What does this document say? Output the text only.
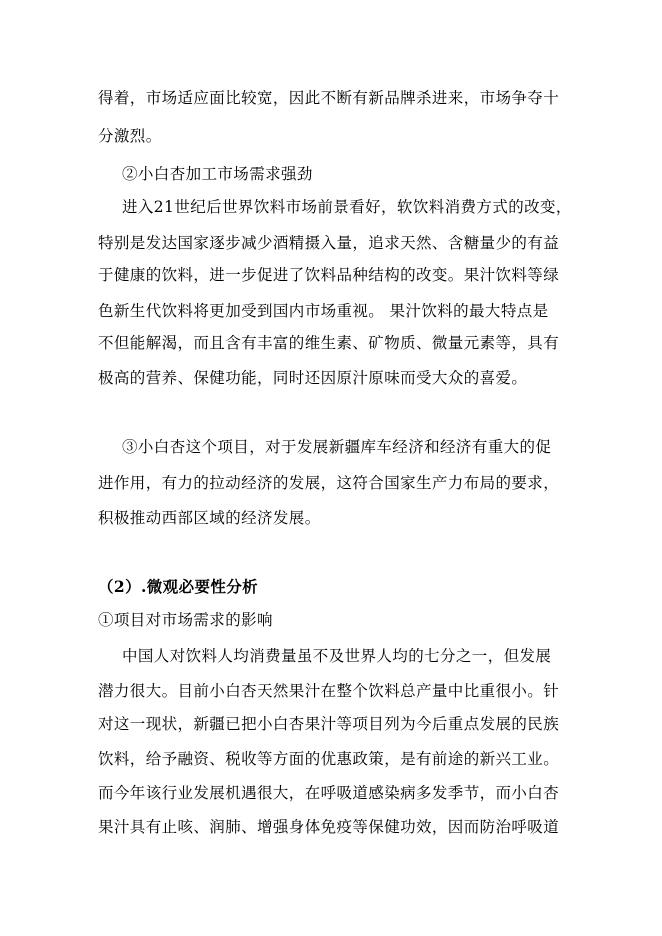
得着，市场适应面比较宽，因此不断有新品牌杀进来，市场争夺十
分激烈。
②小白杏加工市场需求强劲
进入21世纪后世界饮料市场前景看好，软饮料消费方式的改变，
特别是发达国家逐步减少酒精摄入量，追求天然、含糖量少的有益
于健康的饮料，进一步促进了饮料品种结构的改变。果汁饮料等绿
色新生代饮料将更加受到国内市场重视。 果汁饮料的最大特点是
不但能解渴，而且含有丰富的维生素、矿物质、微量元素等，具有
极高的营养、保健功能，同时还因原汁原味而受大众的喜爱。
③小白杏这个项目，对于发展新疆库车经济和经济有重大的促
进作用，有力的拉动经济的发展，这符合国家生产力布局的要求，
积极推动西部区域的经济发展。
（2）.微观必要性分析
①项目对市场需求的影响
中国人对饮料人均消费量虽不及世界人均的七分之一，但发展
潜力很大。目前小白杏天然果汁在整个饮料总产量中比重很小。针
对这一现状，新疆已把小白杏果汁等项目列为今后重点发展的民族
饮料，给予融资、税收等方面的优惠政策，是有前途的新兴工业。
而今年该行业发展机遇很大，在呼吸道感染病多发季节，而小白杏
果汁具有止咳、润肺、增强身体免疫等保健功效，因而防治呼吸道
